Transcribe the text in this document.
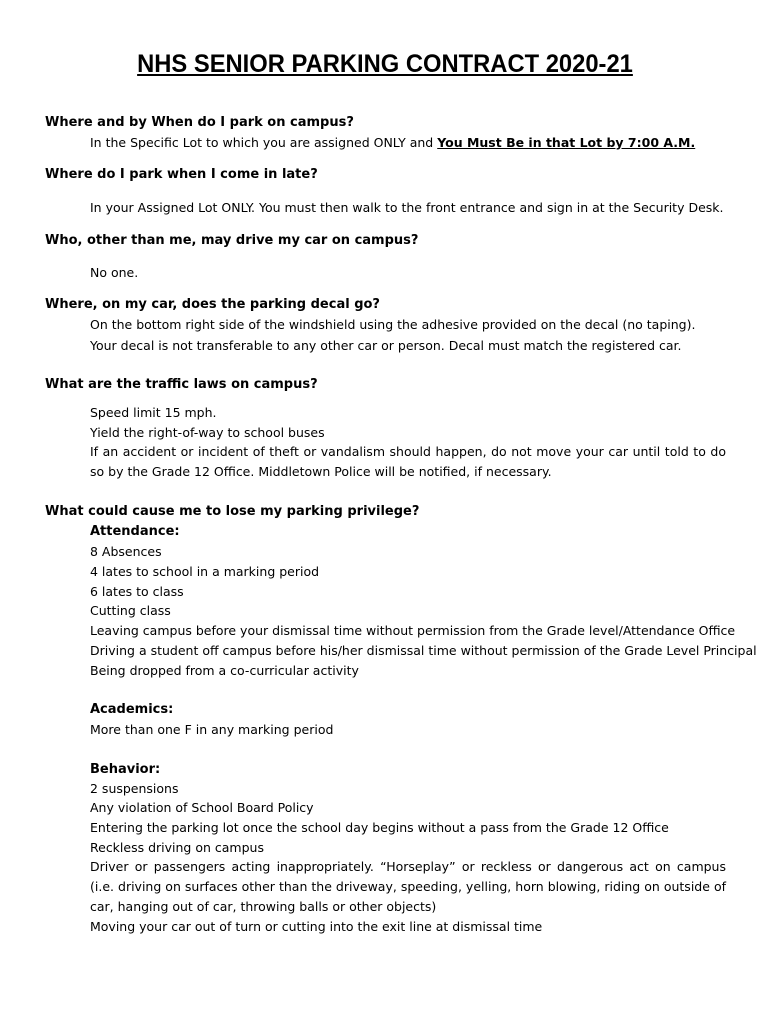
NHS SENIOR PARKING CONTRACT 2020-21
Where and by When do I park on campus?
In the Specific Lot to which you are assigned ONLY and You Must Be in that Lot by 7:00 A.M.
Where do I park when I come in late?
In your Assigned Lot ONLY. You must then walk to the front entrance and sign in at the Security Desk.
Who, other than me, may drive my car on campus?
No one.
Where, on my car, does the parking decal go?
On the bottom right side of the windshield using the adhesive provided on the decal (no taping).
Your decal is not transferable to any other car or person. Decal must match the registered car.
What are the traffic laws on campus?
Speed limit 15 mph.
Yield the right-of-way to school buses
If an accident or incident of theft or vandalism should happen, do not move your car until told to do so by the Grade 12 Office. Middletown Police will be notified, if necessary.
What could cause me to lose my parking privilege?
Attendance:
8 Absences
4 lates to school in a marking period
6 lates to class
Cutting class
Leaving campus before your dismissal time without permission from the Grade level/Attendance Office
Driving a student off campus before his/her dismissal time without permission of the Grade Level Principal
Being dropped from a co-curricular activity
Academics:
More than one F in any marking period
Behavior:
2 suspensions
Any violation of School Board Policy
Entering the parking lot once the school day begins without a pass from the Grade 12 Office
Reckless driving on campus
Driver or passengers acting inappropriately. “Horseplay” or reckless or dangerous act on campus (i.e. driving on surfaces other than the driveway, speeding, yelling, horn blowing, riding on outside of car, hanging out of car, throwing balls or other objects)
Moving your car out of turn or cutting into the exit line at dismissal time
